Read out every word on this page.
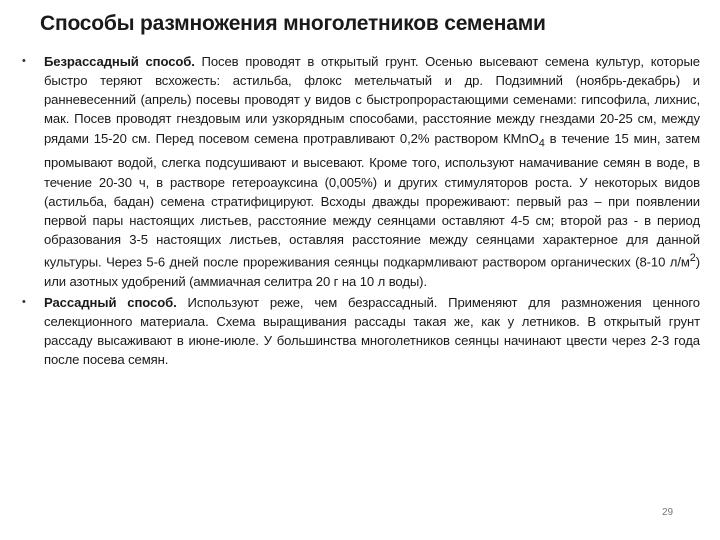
Способы размножения многолетников семенами
• Безрассадный способ. Посев проводят в открытый грунт. Осенью высевают семена культур, которые быстро теряют всхожесть: астильба, флокс метельчатый и др. Подзимний (ноябрь-декабрь) и ранневесенний (апрель) посевы проводят у видов с быстропрорастающими семенами: гипсофила, лихнис, мак. Посев проводят гнездовым или узкорядным способами, расстояние между гнездами 20-25 см, между рядами 15-20 см. Перед посевом семена протравливают 0,2% раствором КМnO$_4$ в течение 15 мин, затем промывают водой, слегка подсушивают и высевают. Кроме того, используют намачивание семян в воде, в течение 20-30 ч, в растворе гетероауксина (0,005%) и других стимуляторов роста. У некоторых видов (астильба, бадан) семена стратифицируют. Всходы дважды прореживают: первый раз – при появлении первой пары настоящих листьев, расстояние между сеянцами оставляют 4-5 см; второй раз - в период образования 3-5 настоящих листьев, оставляя расстояние между сеянцами характерное для данной культуры. Через 5-6 дней после прореживания сеянцы подкармливают раствором органических (8-10 $л/м^2$) или азотных удобрений (аммиачная селитра 20 г на 10 л воды).
• Рассадный способ. Используют реже, чем безрассадный. Применяют для размножения ценного селекционного материала. Схема выращивания рассады такая же, как у летников. В открытый грунт рассаду высаживают в июне-июле. У большинства многолетников сеянцы начинают цвести через 2-3 года после посева семян.
29
